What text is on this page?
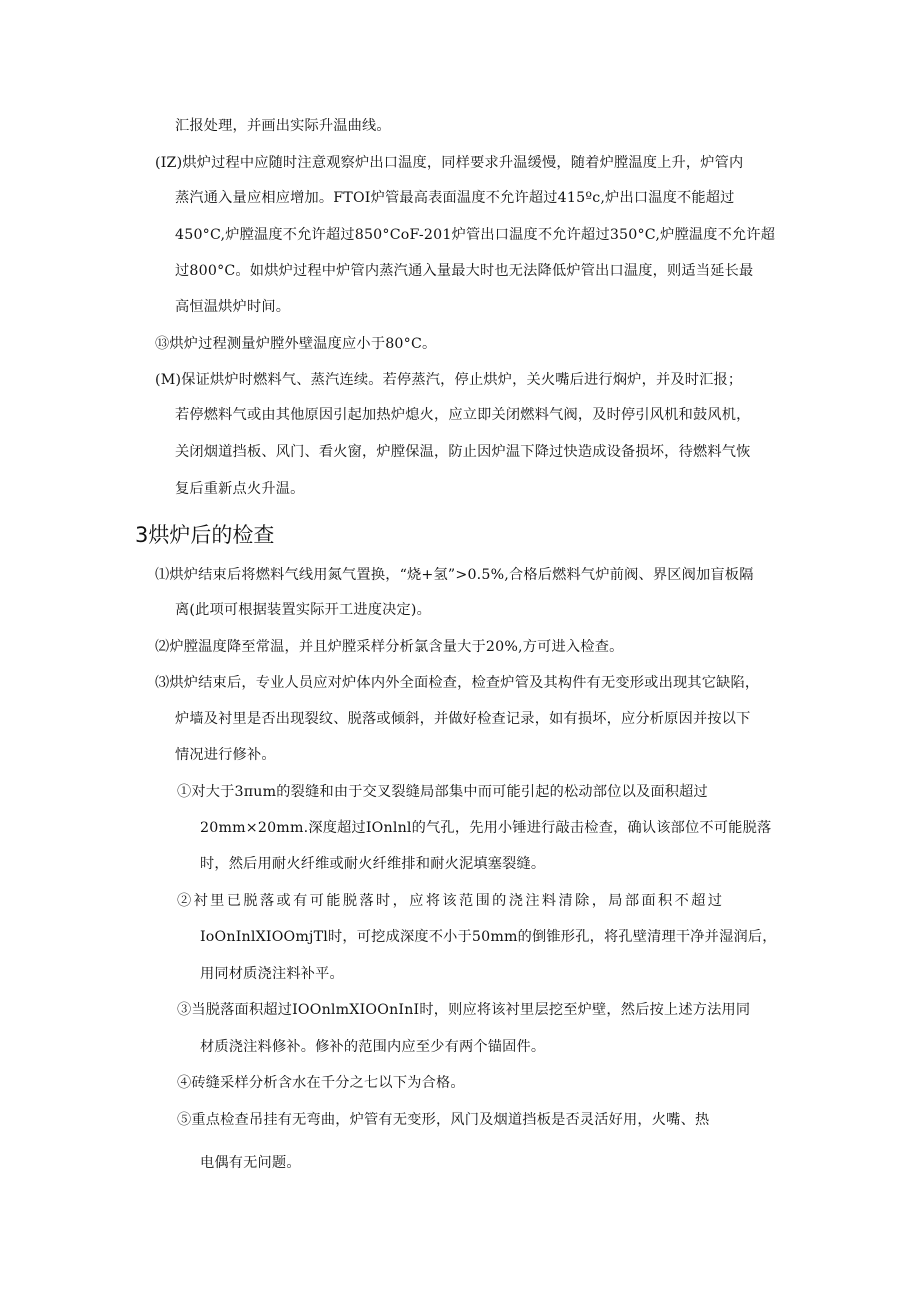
汇报处理，并画出实际升温曲线。
(IZ)烘炉过程中应随时注意观察炉出口温度，同样要求升温缓慢，随着炉膛温度上升，炉管内
蒸汽通入量应相应增加。FTOI炉管最高表面温度不允许超过415ºc,炉出口温度不能超过
450°C,炉膛温度不允许超过850°CoF-201炉管出口温度不允许超过350°C,炉膛温度不允许超
过800°C。如烘炉过程中炉管内蒸汽通入量最大时也无法降低炉管出口温度，则适当延长最
高恒温烘炉时间。
⑬烘炉过程测量炉膛外壁温度应小于80°C。
(M)保证烘炉时燃料气、蒸汽连续。若停蒸汽，停止烘炉，关火嘴后进行焖炉，并及时汇报；
若停燃料气或由其他原因引起加热炉熄火，应立即关闭燃料气阀，及时停引风机和鼓风机，
关闭烟道挡板、风门、看火窗，炉膛保温，防止因炉温下降过快造成设备损坏，待燃料气恢
复后重新点火升温。
3烘炉后的检查
⑴烘炉结束后将燃料气线用氮气置换，“烧+氢”>0.5%,合格后燃料气炉前阀、界区阀加盲板隔
离(此项可根据装置实际开工进度决定)。
⑵炉膛温度降至常温，并且炉膛采样分析氯含量大于20%,方可进入检查。
⑶烘炉结束后，专业人员应对炉体内外全面检查，检查炉管及其构件有无变形或出现其它缺陷，
炉墙及衬里是否出现裂纹、脱落或倾斜，并做好检查记录，如有损坏，应分析原因并按以下
情况进行修补。
①对大于3πum的裂缝和由于交叉裂缝局部集中而可能引起的松动部位以及面积超过
20mm×20mm.深度超过IOnlnl的气孔，先用小锤进行敲击检查，确认该部位不可能脱落
时，然后用耐火纤维或耐火纤维排和耐火泥填塞裂缝。
②衬里已脱落或有可能脱落时，应将该范围的浇注料清除，局部面积不超过
IoOnInlXIOOmjTl时，可挖成深度不小于50mm的倒锥形孔，将孔壁清理干净并湿润后，
用同材质浇注料补平。
③当脱落面积超过IOOnlmXIOOnInI时，则应将该衬里层挖至炉壁，然后按上述方法用同
材质浇注料修补。修补的范围内应至少有两个锚固件。
④砖缝采样分析含水在千分之七以下为合格。
⑤重点检查吊挂有无弯曲，炉管有无变形，风门及烟道挡板是否灵活好用，火嘴、热
电偶有无问题。
